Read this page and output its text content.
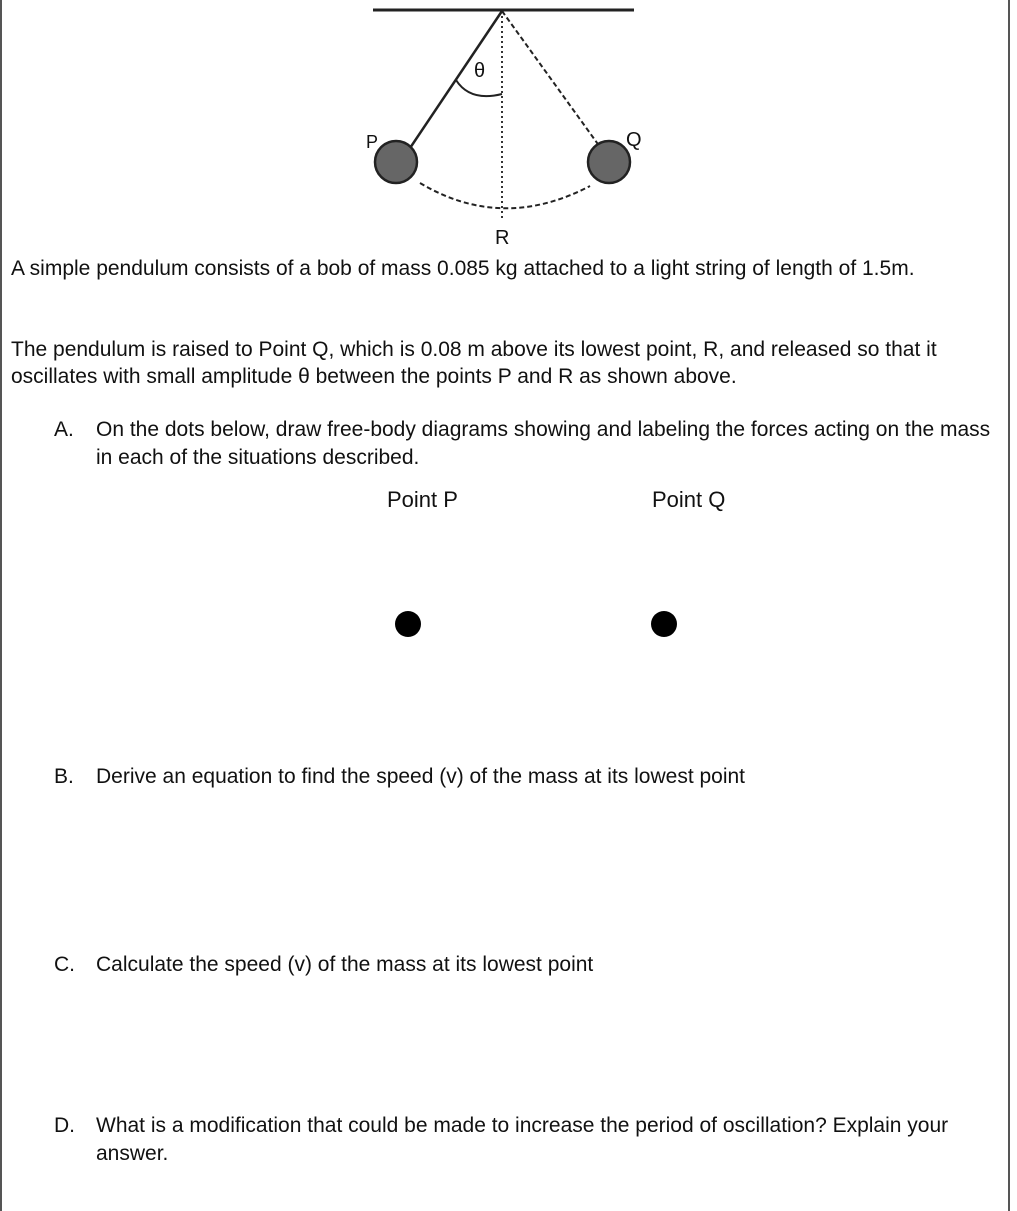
θ
P	Q
R

A simple pendulum consists of a bob of mass 0.085 kg attached to a light string of length of 1.5m.

The pendulum is raised to Point Q, which is 0.08 m above its lowest point, R, and released so that it oscillates with small amplitude θ between the points P and R as shown above.

A. On the dots below, draw free-body diagrams showing and labeling the forces acting on the mass in each of the situations described.
Point P	Point Q
B. Derive an equation to find the speed (v) of the mass at its lowest point
C. Calculate the speed (v) of the mass at its lowest point
D. What is a modification that could be made to increase the period of oscillation? Explain your answer.
